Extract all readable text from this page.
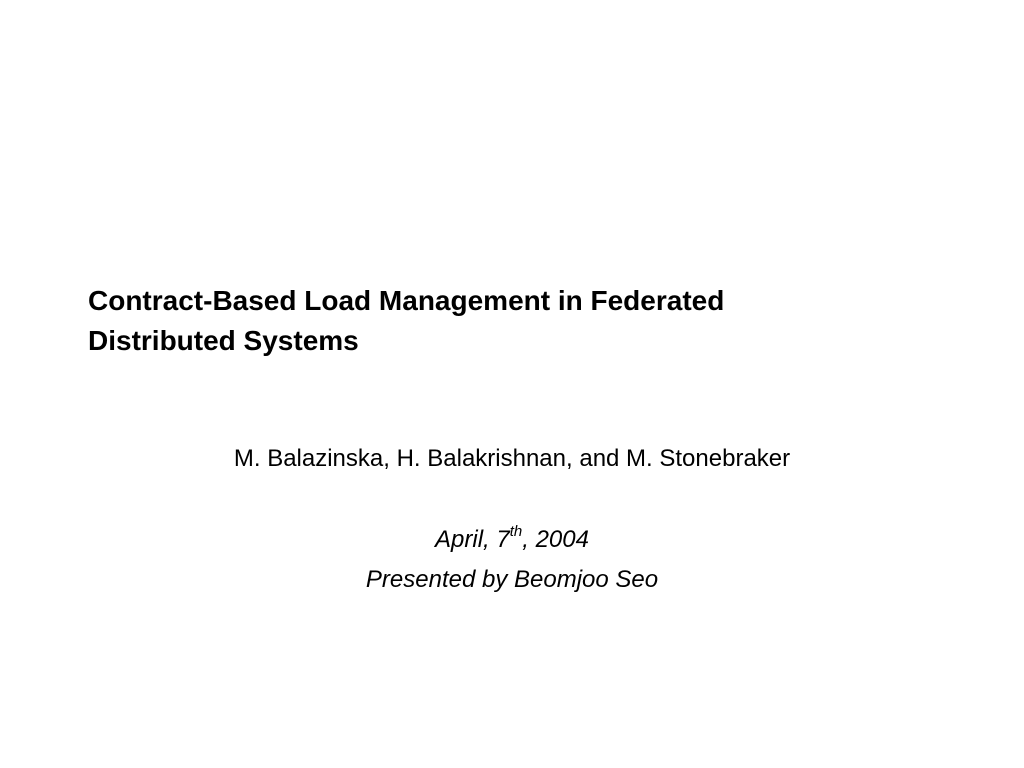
Contract-Based Load Management in Federated
Distributed Systems
M. Balazinska, H. Balakrishnan, and M. Stonebraker
April, 7th, 2004
Presented by Beomjoo Seo
